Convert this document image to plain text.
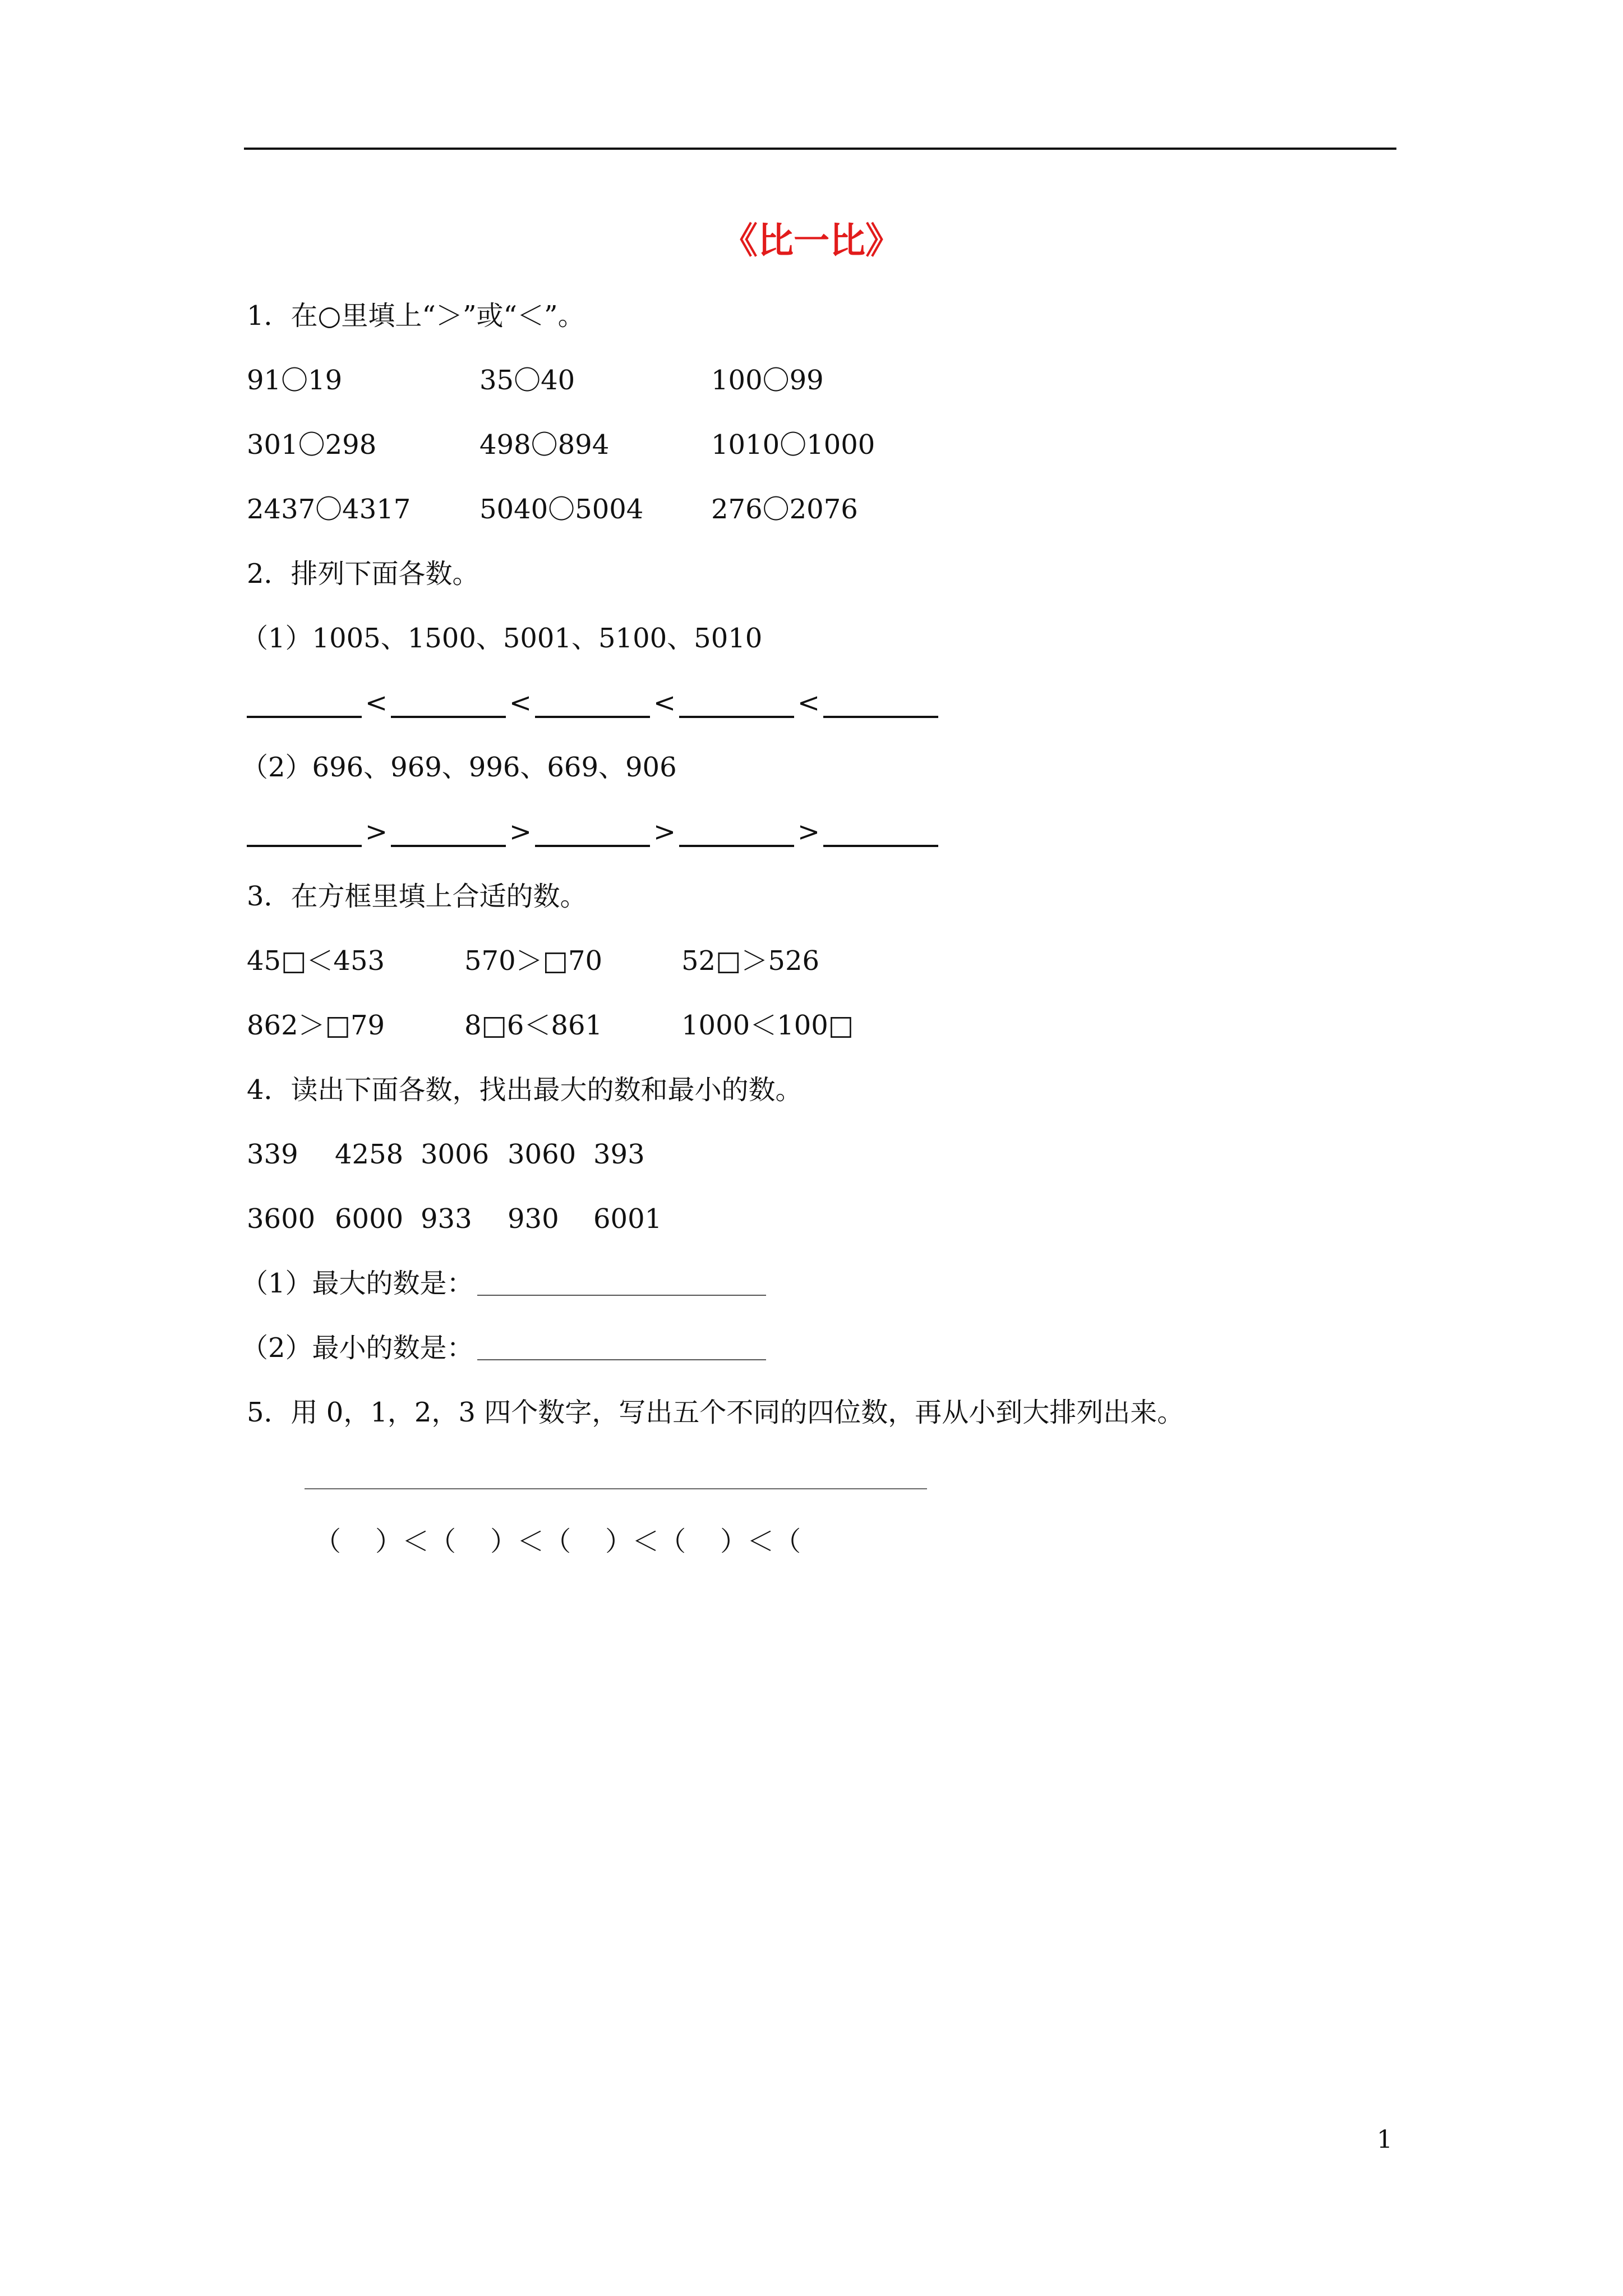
《比一比》
1．在○里填上“＞”或“＜”。
91〇19	35〇40	100〇99
301〇298	498〇894	1010〇1000
2437〇4317	5040〇5004	276〇2076
2．排列下面各数。
（1）1005、1500、5001、5100、5010
<	<	<	<
（2）696、969、996、669、906
>	>	>	>
3．在方框里填上合适的数。
45□＜453	570＞□70	52□＞526
862＞□79	8□6＜861	1000＜100□
4．读出下面各数，找出最大的数和最小的数。
339 4258 3006 3060 393
3600 6000 933 930 6001
（1）最大的数是：
（2）最小的数是：
5．用 0，1，2，3 四个数字，写出五个不同的四位数，再从小到大排列出来。
（    ）＜（    ）＜（    ）＜（    ）＜（
1
